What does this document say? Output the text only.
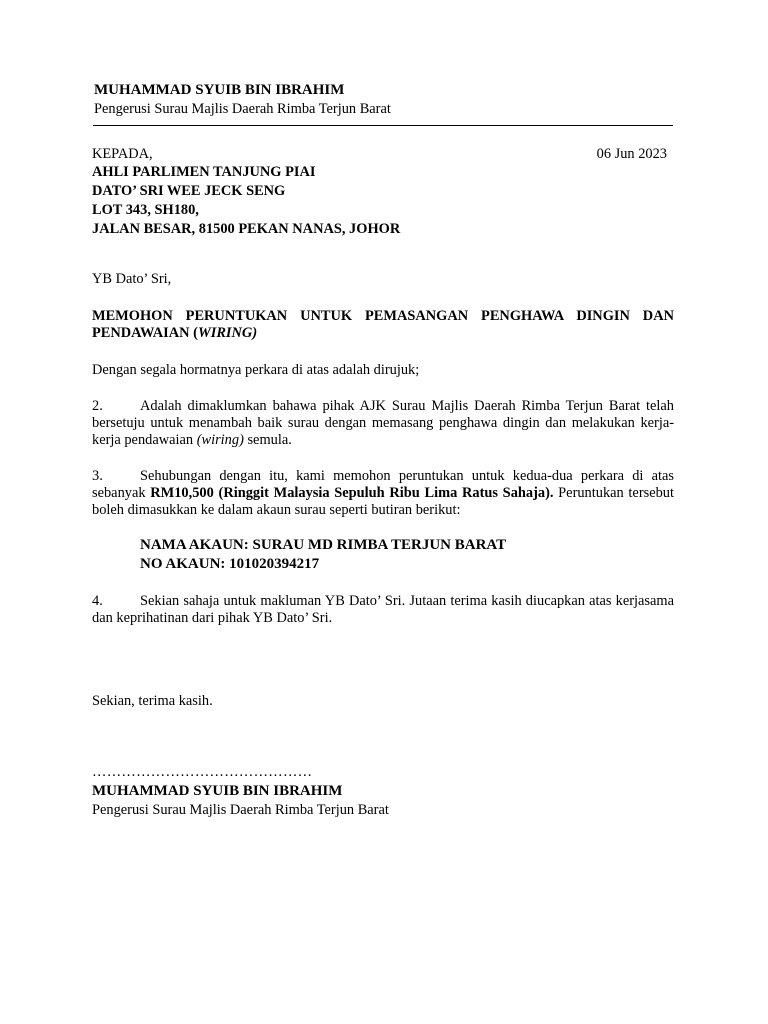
MUHAMMAD SYUIB BIN IBRAHIM
Pengerusi Surau Majlis Daerah Rimba Terjun Barat
KEPADA,	06 Jun 2023
AHLI PARLIMEN TANJUNG PIAI
DATO’ SRI WEE JECK SENG
LOT 343, SH180,
JALAN BESAR, 81500 PEKAN NANAS, JOHOR
YB Dato’ Sri,
MEMOHON PERUNTUKAN UNTUK PEMASANGAN PENGHAWA DINGIN DAN PENDAWAIAN (WIRING)
Dengan segala hormatnya perkara di atas adalah dirujuk;
2.	Adalah dimaklumkan bahawa pihak AJK Surau Majlis Daerah Rimba Terjun Barat telah bersetuju untuk menambah baik surau dengan memasang penghawa dingin dan melakukan kerja-kerja pendawaian (wiring) semula.
3.	Sehubungan dengan itu, kami memohon peruntukan untuk kedua-dua perkara di atas sebanyak RM10,500 (Ringgit Malaysia Sepuluh Ribu Lima Ratus Sahaja). Peruntukan tersebut boleh dimasukkan ke dalam akaun surau seperti butiran berikut:
NAMA AKAUN: SURAU MD RIMBA TERJUN BARAT
NO AKAUN: 101020394217
4.	Sekian sahaja untuk makluman YB Dato’ Sri. Jutaan terima kasih diucapkan atas kerjasama dan keprihatinan dari pihak YB Dato’ Sri.
Sekian, terima kasih.
………………………………………
MUHAMMAD SYUIB BIN IBRAHIM
Pengerusi Surau Majlis Daerah Rimba Terjun Barat
